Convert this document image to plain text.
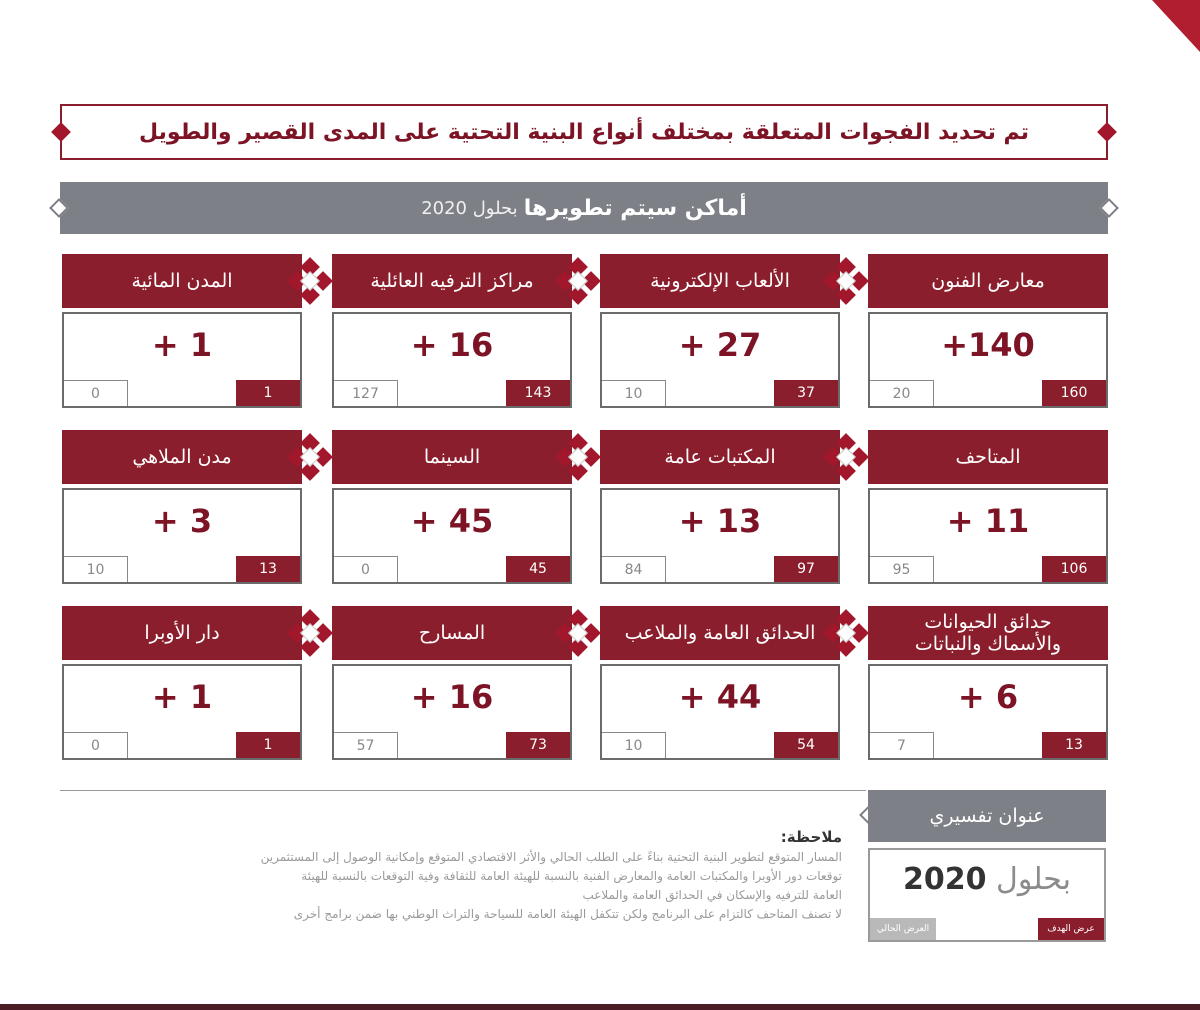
تم تحديد الفجوات المتعلقة بمختلف أنواع البنية التحتية على المدى القصير والطويل
أماكن سيتم تطويرها
بحلول 2020
معارض الفنون
+140
160
20
الألعاب الإلكترونية
+ 27
37
10
مراكز الترفيه العائلية
+ 16
143
127
المدن المائية
+ 1
1
0
المتاحف
+ 11
106
95
المكتبات عامة
+ 13
97
84
السينما
+ 45
45
0
مدن الملاهي
+ 3
13
10
حدائق الحيوانات والأسماك والنباتات
+ 6
13
7
الحدائق العامة والملاعب
+ 44
54
10
المسارح
+ 16
73
57
دار الأوبرا
+ 1
1
0
عنوان تفسيري
بحلول 2020
عرض الهدف
العرض الحالي
ملاحظة:
المسار المتوقع لتطوير البنية التحتية بناءً على الطلب الحالي والأثر الاقتصادي المتوقع وإمكانية الوصول إلى المستثمرين
توقعات دور الأوبرا والمكتبات العامة والمعارض الفنية بالنسبة للهيئة العامة للثقافة وفية التوقعات بالنسبة للهيئة
العامة للترفيه والإسكان في الحدائق العامة والملاعب
لا تصنف المتاحف كالتزام على البرنامج ولكن تتكفل الهيئة العامة للسياحة والتراث الوطني بها ضمن برامج أخرى
